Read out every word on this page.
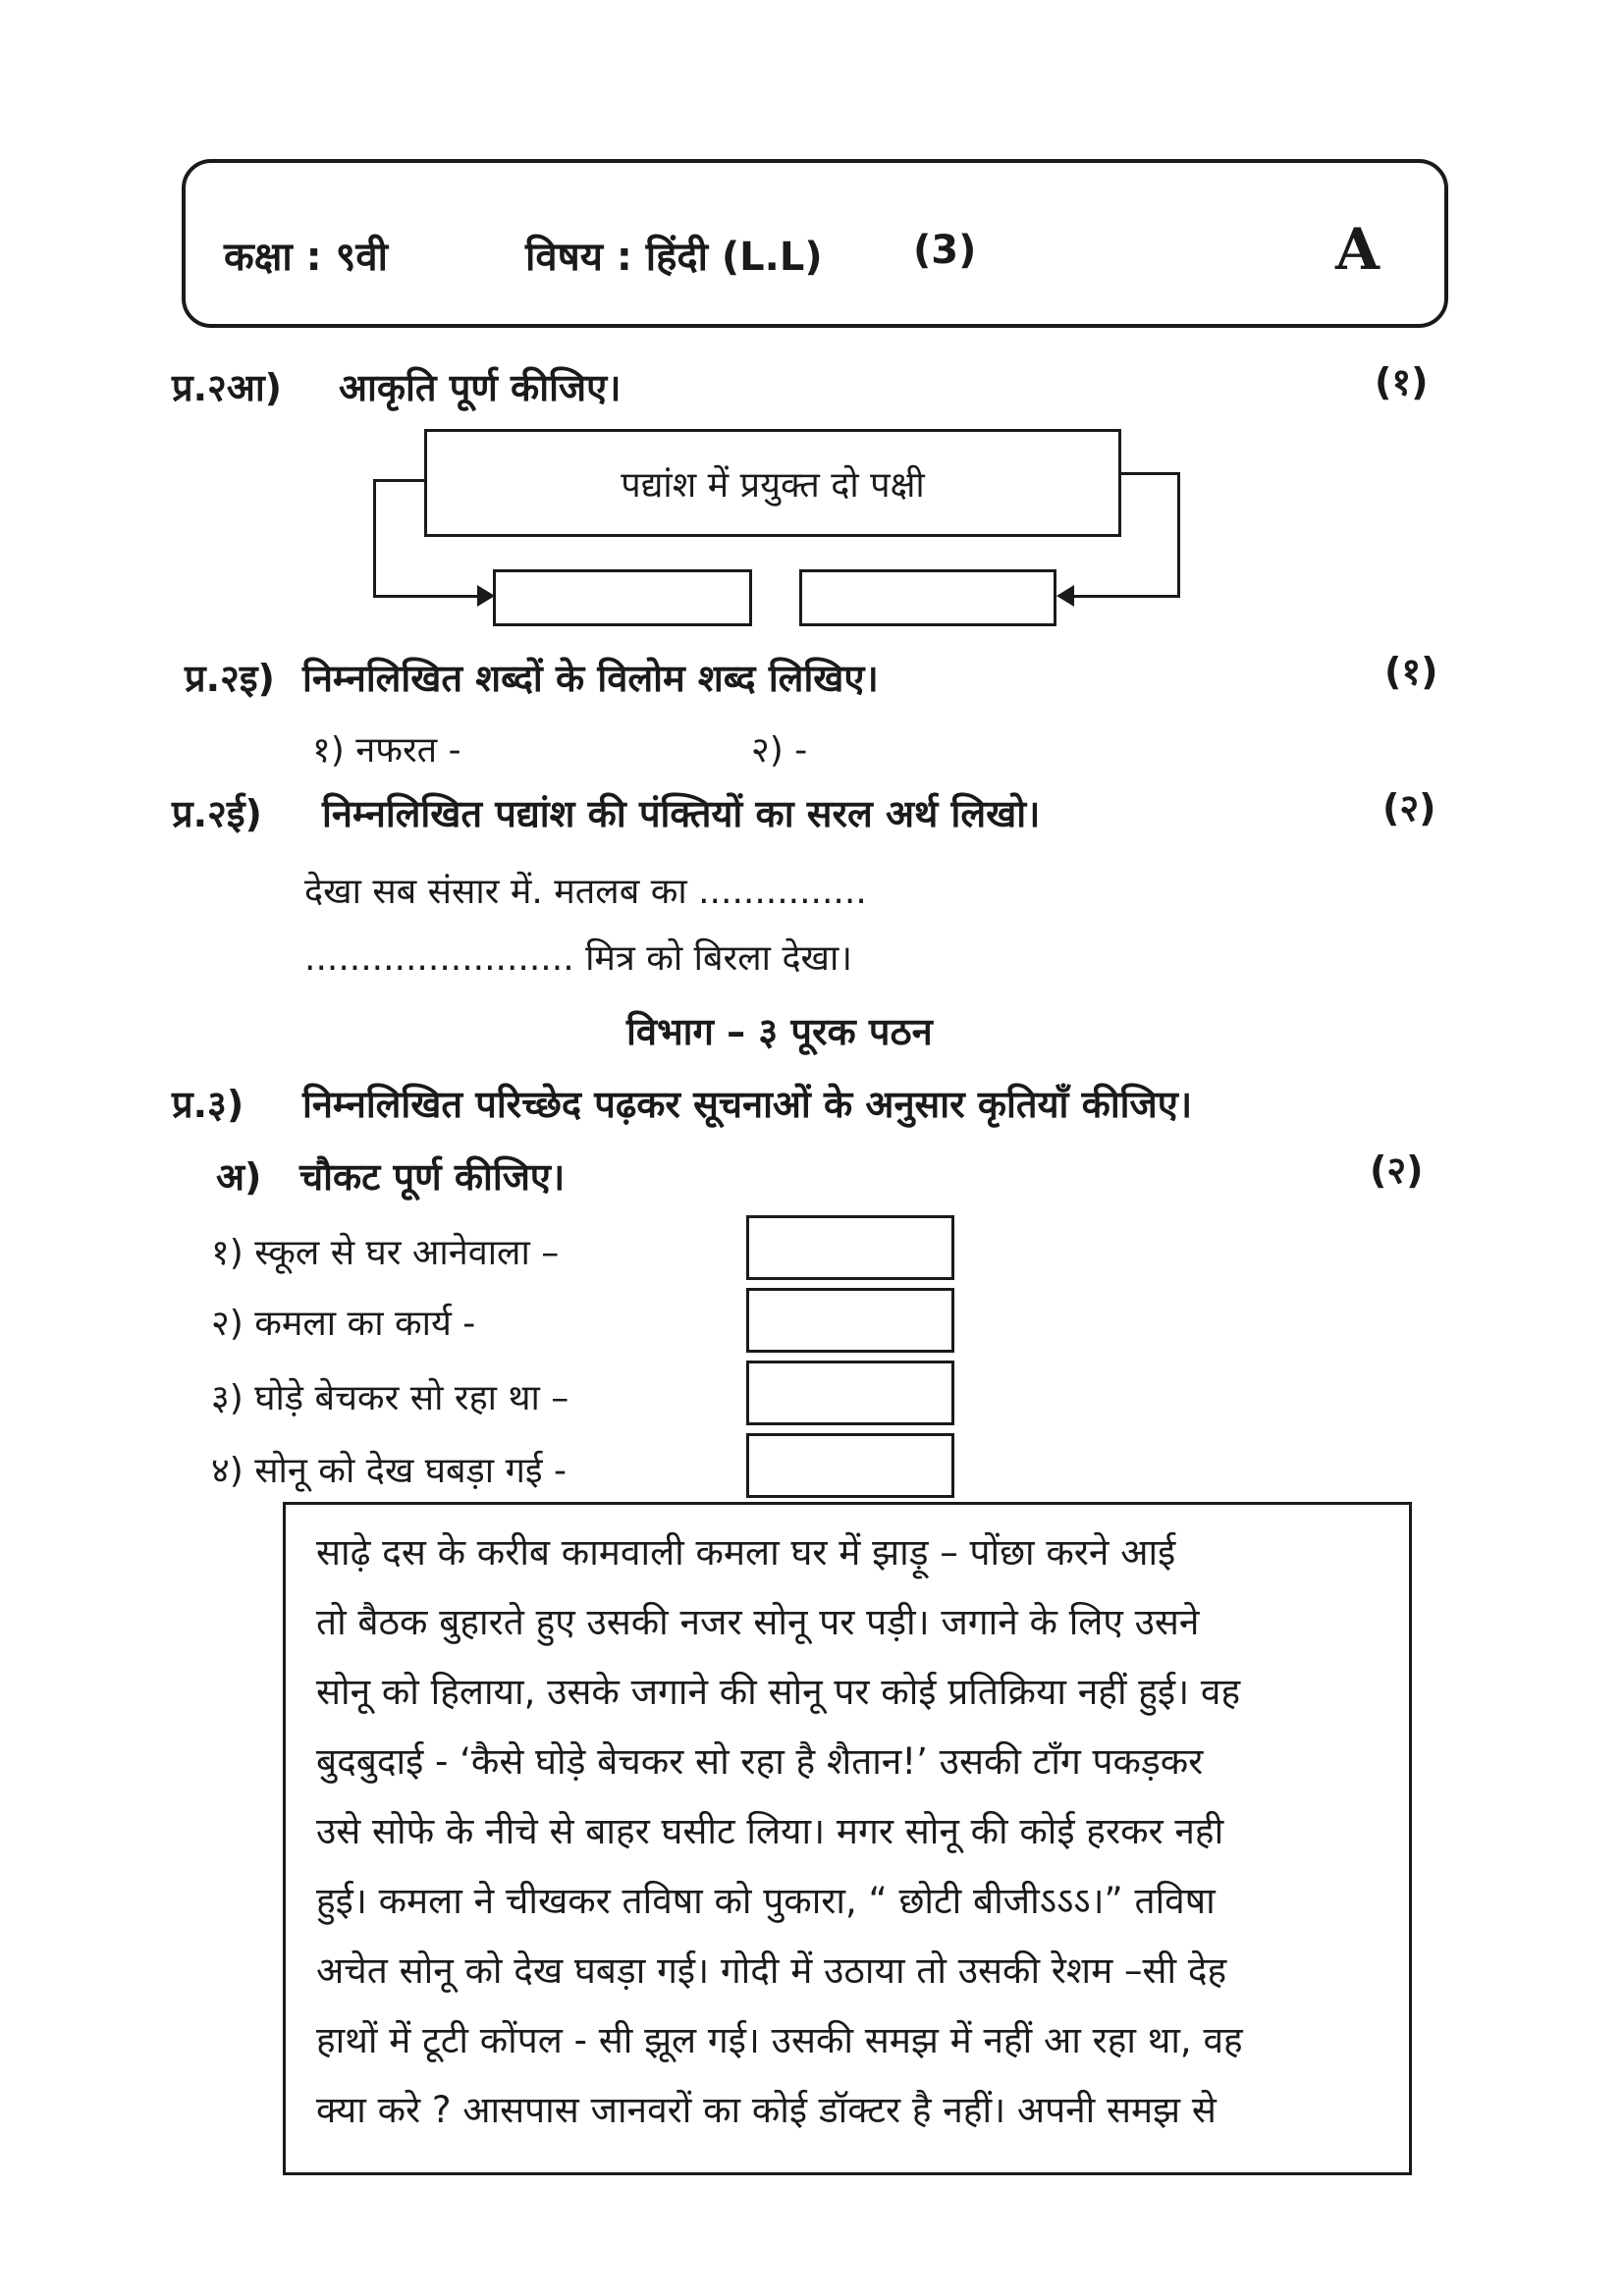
कक्षा : ९वी	विषय : हिंदी (L.L) (3)	A
प्र.२आ) आकृति पूर्ण कीजिए।	(१)
पद्यांश में प्रयुक्त दो पक्षी
प्र.२इ) निम्नलिखित शब्दों के विलोम शब्द लिखिए।	(१)
१) नफरत -	२) -
प्र.२ई) निम्नलिखित पद्यांश की पंक्तियों का सरल अर्थ लिखो।	(२)
देखा सब संसार में. मतलब का ...............
........................ मित्र को बिरला देखा।
विभाग – ३ पूरक पठन
प्र.३) निम्नलिखित परिच्छेद पढ़कर सूचनाओं के अनुसार कृतियाँ कीजिए।
अ) चौकट पूर्ण कीजिए।	(२)
१) स्कूल से घर आनेवाला –
२) कमला का कार्य -
३) घोड़े बेचकर सो रहा था –
४) सोनू को देख घबड़ा गई -
साढ़े दस के करीब कामवाली कमला घर में झाड़ू – पोंछा करने आई
तो बैठक बुहारते हुए उसकी नजर सोनू पर पड़ी। जगाने के लिए उसने
सोनू को हिलाया, उसके जगाने की सोनू पर कोई प्रतिक्रिया नहीं हुई। वह
बुदबुदाई - ‘कैसे घोड़े बेचकर सो रहा है शैतान!’ उसकी टाँग पकड़कर
उसे सोफे के नीचे से बाहर घसीट लिया। मगर सोनू की कोई हरकर नही
हुई। कमला ने चीखकर तविषा को पुकारा, “ छोटी बीजीऽऽऽ।” तविषा
अचेत सोनू को देख घबड़ा गई। गोदी में उठाया तो उसकी रेशम –सी देह
हाथों में टूटी कोंपल - सी झूल गई। उसकी समझ में नहीं आ रहा था, वह
क्या करे ? आसपास जानवरों का कोई डॉक्टर है नहीं। अपनी समझ से
